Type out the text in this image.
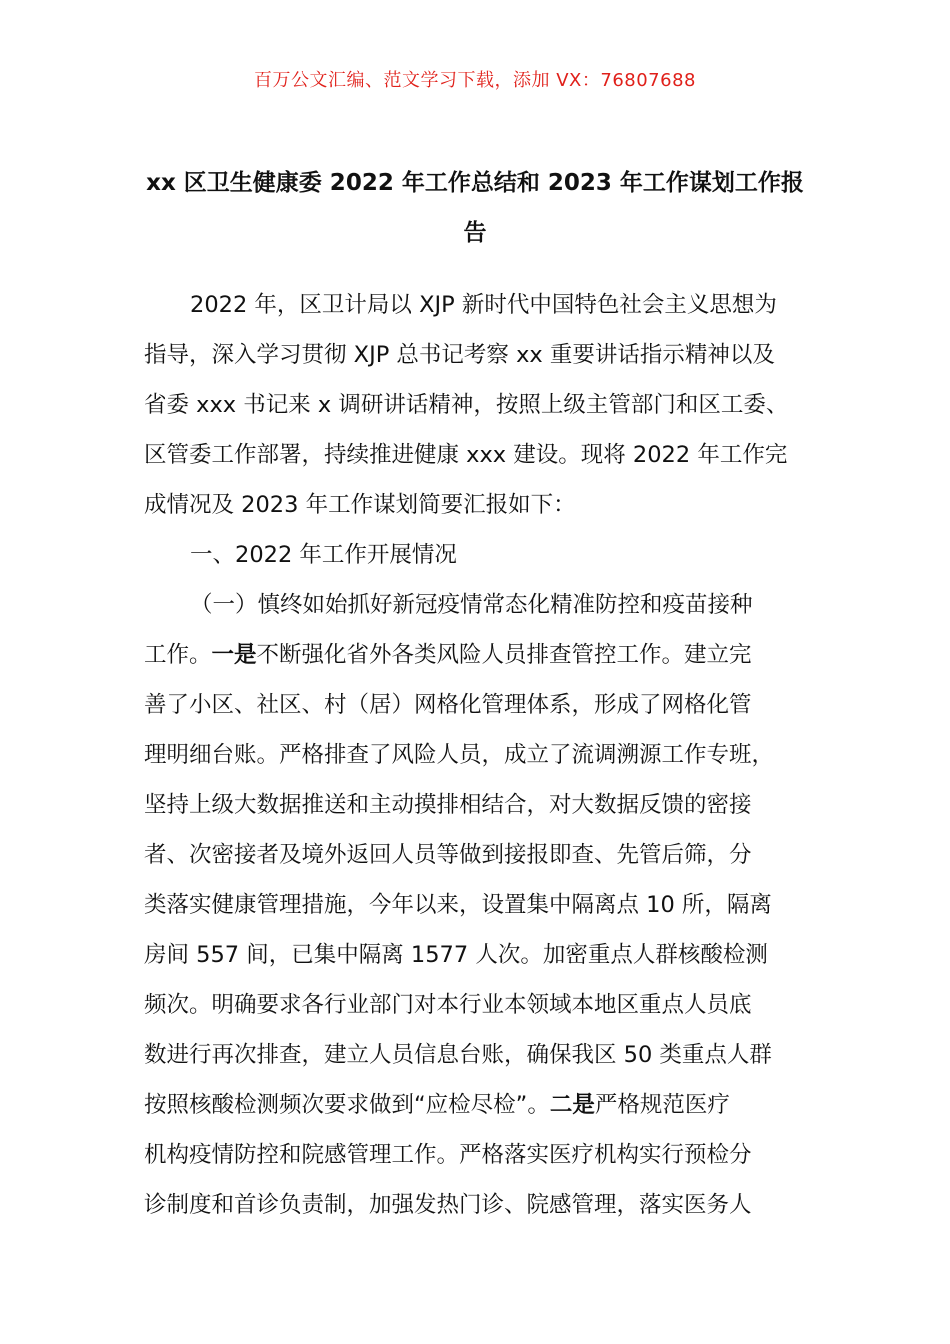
百万公文汇编、范文学习下载，添加 VX：76807688
xx 区卫生健康委 2022 年工作总结和 2023 年工作谋划工作报
告
2022 年，区卫计局以 XJP 新时代中国特色社会主义思想为
指导，深入学习贯彻 XJP 总书记考察 xx 重要讲话指示精神以及
省委 xxx 书记来 x 调研讲话精神，按照上级主管部门和区工委、
区管委工作部署，持续推进健康 xxx 建设。现将 2022 年工作完
成情况及 2023 年工作谋划简要汇报如下：
一、2022 年工作开展情况
（一）慎终如始抓好新冠疫情常态化精准防控和疫苗接种
工作。一是不断强化省外各类风险人员排查管控工作。建立完
善了小区、社区、村（居）网格化管理体系，形成了网格化管
理明细台账。严格排查了风险人员，成立了流调溯源工作专班，
坚持上级大数据推送和主动摸排相结合，对大数据反馈的密接
者、次密接者及境外返回人员等做到接报即查、先管后筛，分
类落实健康管理措施，今年以来，设置集中隔离点 10 所，隔离
房间 557 间，已集中隔离 1577 人次。加密重点人群核酸检测
频次。明确要求各行业部门对本行业本领域本地区重点人员底
数进行再次排查，建立人员信息台账，确保我区 50 类重点人群
按照核酸检测频次要求做到“应检尽检”。二是严格规范医疗
机构疫情防控和院感管理工作。严格落实医疗机构实行预检分
诊制度和首诊负责制，加强发热门诊、院感管理，落实医务人
